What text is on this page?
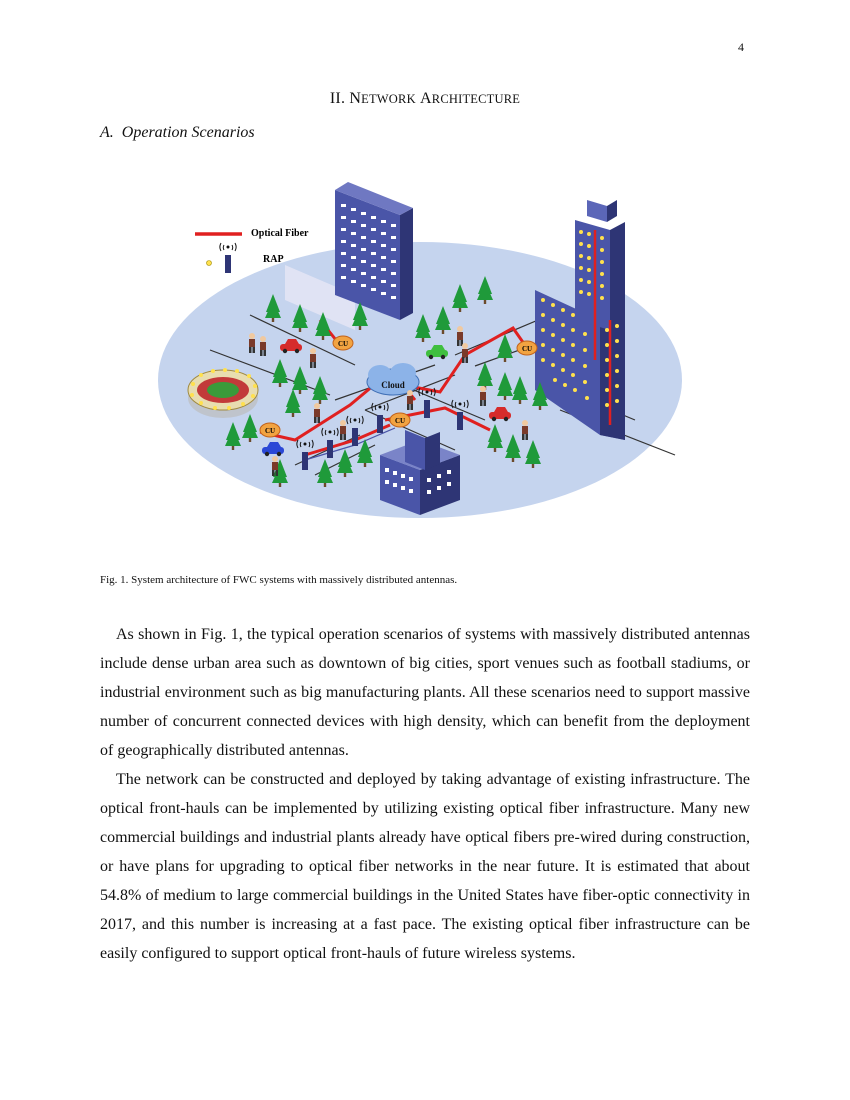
4
II. NETWORK ARCHITECTURE
A. Operation Scenarios
Cloud
CU
CU
CU
CU
Optical Fiber
RAP
Fig. 1. System architecture of FWC systems with massively distributed antennas.

As shown in Fig. 1, the typical operation scenarios of systems with massively distributed antennas include dense urban area such as downtown of big cities, sport venues such as football stadiums, or industrial environment such as big manufacturing plants. All these scenarios need to support massive number of concurrent connected devices with high density, which can benefit from the deployment of geographically distributed antennas.

The network can be constructed and deployed by taking advantage of existing infrastructure. The optical front-hauls can be implemented by utilizing existing optical fiber infrastructure. Many new commercial buildings and industrial plants already have optical fibers pre-wired during construction, or have plans for upgrading to optical fiber networks in the near future. It is estimated that about 54.8% of medium to large commercial buildings in the United States have fiber-optic connectivity in 2017, and this number is increasing at a fast pace. The existing optical fiber infrastructure can be easily configured to support optical front-hauls of future wireless systems.
